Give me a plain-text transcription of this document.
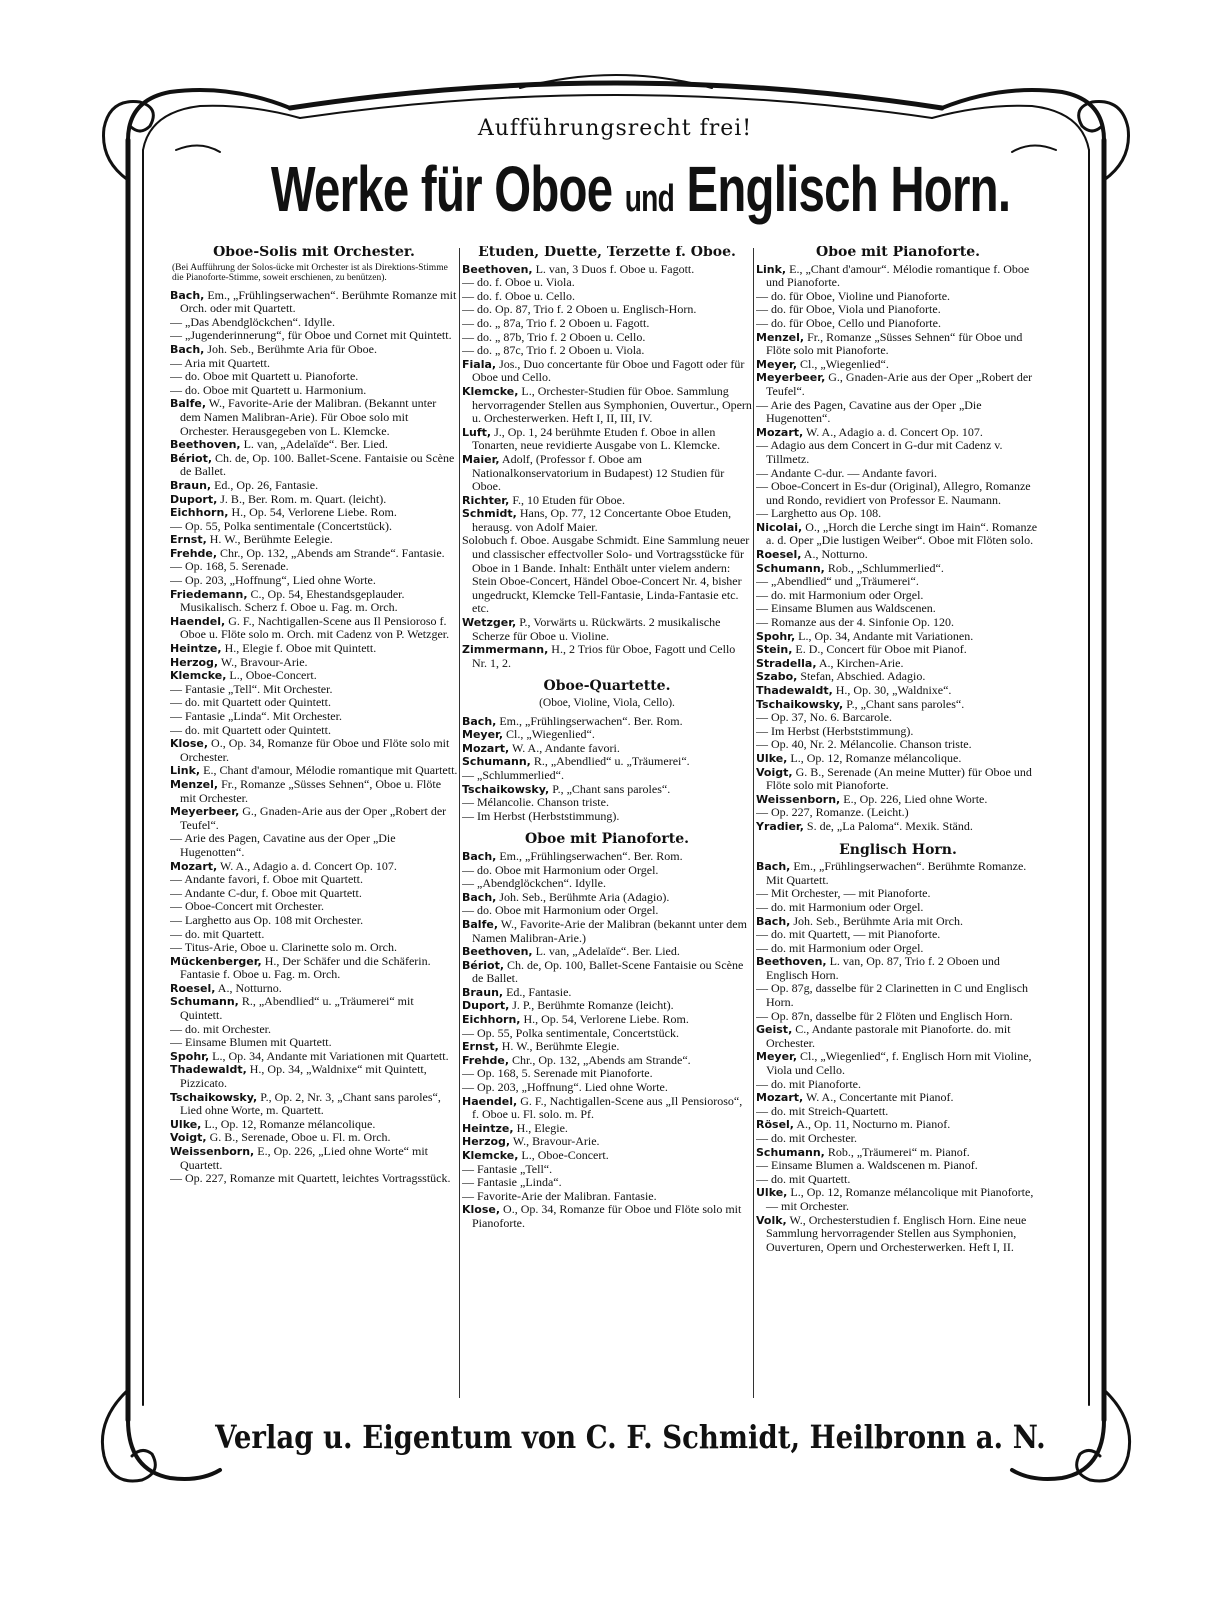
Aufführungsrecht frei!
Werke für Oboe und Englisch Horn.
Oboe-Solis mit Orchester.
(Bei Aufführung der Solos-ücke mit Orchester ist als Direktions-Stimme die Pianoforte-Stimme, soweit erschienen, zu benützen).

Bach, Em., „Frühlingserwachen“. Berühmte Romanze mit Orch. oder mit Quartett.

— „Das Abendglöckchen“. Idylle.

— „Jugenderinnerung“, für Oboe und Cornet mit Quintett.

Bach, Joh. Seb., Berühmte Aria für Oboe.

— Aria mit Quartett.

— do. Oboe mit Quartett u. Pianoforte.

— do. Oboe mit Quartett u. Harmonium.

Balfe, W., Favorite-Arie der Malibran. (Bekannt unter dem Namen Malibran-Arie). Für Oboe solo mit Orchester. Herausgegeben von L. Klemcke.

Beethoven, L. van, „Adelaïde“. Ber. Lied.

Bériot, Ch. de, Op. 100. Ballet-Scene. Fantaisie ou Scène de Ballet.

Braun, Ed., Op. 26, Fantasie.

Duport, J. B., Ber. Rom. m. Quart. (leicht).

Eichhorn, H., Op. 54, Verlorene Liebe. Rom.

— Op. 55, Polka sentimentale (Concertstück).

Ernst, H. W., Berühmte Eelegie.

Frehde, Chr., Op. 132, „Abends am Strande“. Fantasie.

— Op. 168, 5. Serenade.

— Op. 203, „Hoffnung“, Lied ohne Worte.

Friedemann, C., Op. 54, Ehestandsgeplauder. Musikalisch. Scherz f. Oboe u. Fag. m. Orch.

Haendel, G. F., Nachtigallen-Scene aus Il Pensioroso f. Oboe u. Flöte solo m. Orch. mit Cadenz von P. Wetzger.

Heintze, H., Elegie f. Oboe mit Quintett.

Herzog, W., Bravour-Arie.

Klemcke, L., Oboe-Concert.

— Fantasie „Tell“. Mit Orchester.

— do. mit Quartett oder Quintett.

— Fantasie „Linda“. Mit Orchester.

— do. mit Quartett oder Quintett.

Klose, O., Op. 34, Romanze für Oboe und Flöte solo mit Orchester.

Link, E., Chant d'amour, Mélodie romantique mit Quartett.

Menzel, Fr., Romanze „Süsses Sehnen“, Oboe u. Flöte mit Orchester.

Meyerbeer, G., Gnaden-Arie aus der Oper „Robert der Teufel“.

— Arie des Pagen, Cavatine aus der Oper „Die Hugenotten“.

Mozart, W. A., Adagio a. d. Concert Op. 107.

— Andante favori, f. Oboe mit Quartett.

— Andante C-dur, f. Oboe mit Quartett.

— Oboe-Concert mit Orchester.

— Larghetto aus Op. 108 mit Orchester.

— do. mit Quartett.

— Titus-Arie, Oboe u. Clarinette solo m. Orch.

Mückenberger, H., Der Schäfer und die Schäferin. Fantasie f. Oboe u. Fag. m. Orch.

Roesel, A., Notturno.

Schumann, R., „Abendlied“ u. „Träumerei“ mit Quintett.

— do. mit Orchester.

— Einsame Blumen mit Quartett.

Spohr, L., Op. 34, Andante mit Variationen mit Quartett.

Thadewaldt, H., Op. 34, „Waldnixe“ mit Quintett, Pizzicato.

Tschaikowsky, P., Op. 2, Nr. 3, „Chant sans paroles“, Lied ohne Worte, m. Quartett.

Ulke, L., Op. 12, Romanze mélancolique.

Voigt, G. B., Serenade, Oboe u. Fl. m. Orch.

Weissenborn, E., Op. 226, „Lied ohne Worte“ mit Quartett.

— Op. 227, Romanze mit Quartett, leichtes Vortragsstück.

Etuden, Duette, Terzette f. Oboe.

Beethoven, L. van, 3 Duos f. Oboe u. Fagott.

— do. f. Oboe u. Viola.

— do. f. Oboe u. Cello.

— do. Op. 87, Trio f. 2 Oboen u. Englisch-Horn.

— do. „ 87a, Trio f. 2 Oboen u. Fagott.

— do. „ 87b, Trio f. 2 Oboen u. Cello.

— do. „ 87c, Trio f. 2 Oboen u. Viola.

Fiala, Jos., Duo concertante für Oboe und Fagott oder für Oboe und Cello.

Klemcke, L., Orchester-Studien für Oboe. Sammlung hervorragender Stellen aus Symphonien, Ouvertur., Opern u. Orchesterwerken. Heft I, II, III, IV.

Luft, J., Op. 1, 24 berühmte Etuden f. Oboe in allen Tonarten, neue revidierte Ausgabe von L. Klemcke.

Maier, Adolf, (Professor f. Oboe am Nationalkonservatorium in Budapest) 12 Studien für Oboe.

Richter, F., 10 Etuden für Oboe.

Schmidt, Hans, Op. 77, 12 Concertante Oboe Etuden, herausg. von Adolf Maier.

Solobuch f. Oboe. Ausgabe Schmidt. Eine Sammlung neuer und classischer effectvoller Solo- und Vortragsstücke für Oboe in 1 Bande. Inhalt: Enthält unter vielem andern: Stein Oboe-Concert, Händel Oboe-Concert Nr. 4, bisher ungedruckt, Klemcke Tell-Fantasie, Linda-Fantasie etc. etc.

Wetzger, P., Vorwärts u. Rückwärts. 2 musikalische Scherze für Oboe u. Violine.

Zimmermann, H., 2 Trios für Oboe, Fagott und Cello Nr. 1, 2.

Oboe-Quartette.
(Oboe, Violine, Viola, Cello).

Bach, Em., „Frühlingserwachen“. Ber. Rom.

Meyer, Cl., „Wiegenlied“.

Mozart, W. A., Andante favori.

Schumann, R., „Abendlied“ u. „Träumerei“.

— „Schlummerlied“.

Tschaikowsky, P., „Chant sans paroles“.

— Mélancolie. Chanson triste.

— Im Herbst (Herbststimmung).

Oboe mit Pianoforte.

Bach, Em., „Frühlingserwachen“. Ber. Rom.

— do. Oboe mit Harmonium oder Orgel.

— „Abendglöckchen“. Idylle.

Bach, Joh. Seb., Berühmte Aria (Adagio).

— do. Oboe mit Harmonium oder Orgel.

Balfe, W., Favorite-Arie der Malibran (bekannt unter dem Namen Malibran-Arie.)

Beethoven, L. van, „Adelaïde“. Ber. Lied.

Bériot, Ch. de, Op. 100, Ballet-Scene Fantaisie ou Scène de Ballet.

Braun, Ed., Fantasie.

Duport, J. P., Berühmte Romanze (leicht).

Eichhorn, H., Op. 54, Verlorene Liebe. Rom.

— Op. 55, Polka sentimentale, Concertstück.

Ernst, H. W., Berühmte Elegie.

Frehde, Chr., Op. 132, „Abends am Strande“.

— Op. 168, 5. Serenade mit Pianoforte.

— Op. 203, „Hoffnung“. Lied ohne Worte.

Haendel, G. F., Nachtigallen-Scene aus „Il Pensioroso“, f. Oboe u. Fl. solo. m. Pf.

Heintze, H., Elegie.

Herzog, W., Bravour-Arie.

Klemcke, L., Oboe-Concert.

— Fantasie „Tell“.

— Fantasie „Linda“.

— Favorite-Arie der Malibran. Fantasie.

Klose, O., Op. 34, Romanze für Oboe und Flöte solo mit Pianoforte.

Oboe mit Pianoforte.

Link, E., „Chant d'amour“. Mélodie romantique f. Oboe und Pianoforte.

— do. für Oboe, Violine und Pianoforte.

— do. für Oboe, Viola und Pianoforte.

— do. für Oboe, Cello und Pianoforte.

Menzel, Fr., Romanze „Süsses Sehnen“ für Oboe und Flöte solo mit Pianoforte.

Meyer, Cl., „Wiegenlied“.

Meyerbeer, G., Gnaden-Arie aus der Oper „Robert der Teufel“.

— Arie des Pagen, Cavatine aus der Oper „Die Hugenotten“.

Mozart, W. A., Adagio a. d. Concert Op. 107.

— Adagio aus dem Concert in G-dur mit Cadenz v. Tillmetz.

— Andante C-dur. — Andante favori.

— Oboe-Concert in Es-dur (Original), Allegro, Romanze und Rondo, revidiert von Professor E. Naumann.

— Larghetto aus Op. 108.

Nicolai, O., „Horch die Lerche singt im Hain“. Romanze a. d. Oper „Die lustigen Weiber“. Oboe mit Flöten solo.

Roesel, A., Notturno.

Schumann, Rob., „Schlummerlied“.

— „Abendlied“ und „Träumerei“.

— do. mit Harmonium oder Orgel.

— Einsame Blumen aus Waldscenen.

— Romanze aus der 4. Sinfonie Op. 120.

Spohr, L., Op. 34, Andante mit Variationen.

Stein, E. D., Concert für Oboe mit Pianof.

Stradella, A., Kirchen-Arie.

Szabo, Stefan, Abschied. Adagio.

Thadewaldt, H., Op. 30, „Waldnixe“.

Tschaikowsky, P., „Chant sans paroles“.

— Op. 37, No. 6. Barcarole.

— Im Herbst (Herbststimmung).

— Op. 40, Nr. 2. Mélancolie. Chanson triste.

Ulke, L., Op. 12, Romanze mélancolique.

Voigt, G. B., Serenade (An meine Mutter) für Oboe und Flöte solo mit Pianoforte.

Weissenborn, E., Op. 226, Lied ohne Worte.

— Op. 227, Romanze. (Leicht.)

Yradier, S. de, „La Paloma“. Mexik. Ständ.

Englisch Horn.

Bach, Em., „Frühlingserwachen“. Berühmte Romanze. Mit Quartett.

— Mit Orchester, — mit Pianoforte.

— do. mit Harmonium oder Orgel.

Bach, Joh. Seb., Berühmte Aria mit Orch.

— do. mit Quartett, — mit Pianoforte.

— do. mit Harmonium oder Orgel.

Beethoven, L. van, Op. 87, Trio f. 2 Oboen und Englisch Horn.

— Op. 87g, dasselbe für 2 Clarinetten in C und Englisch Horn.

— Op. 87n, dasselbe für 2 Flöten und Englisch Horn.

Geist, C., Andante pastorale mit Pianoforte. do. mit Orchester.

Meyer, Cl., „Wiegenlied“, f. Englisch Horn mit Violine, Viola und Cello.

— do. mit Pianoforte.

Mozart, W. A., Concertante mit Pianof.

— do. mit Streich-Quartett.

Rösel, A., Op. 11, Nocturno m. Pianof.

— do. mit Orchester.

Schumann, Rob., „Träumerei“ m. Pianof.

— Einsame Blumen a. Waldscenen m. Pianof.

— do. mit Quartett.

Ulke, L., Op. 12, Romanze mélancolique mit Pianoforte, — mit Orchester.

Volk, W., Orchesterstudien f. Englisch Horn. Eine neue Sammlung hervorragender Stellen aus Symphonien, Ouverturen, Opern und Orchesterwerken. Heft I, II.

Verlag u. Eigentum von C. F. Schmidt, Heilbronn a. N.
